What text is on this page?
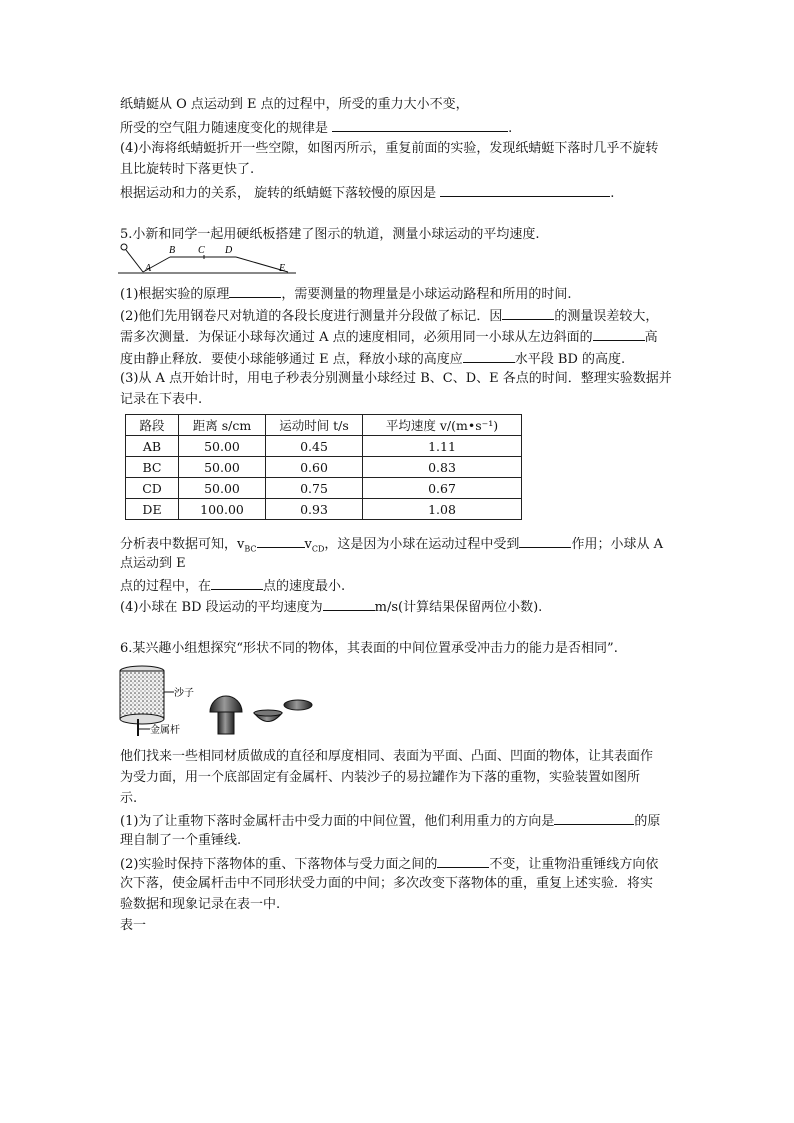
纸蜻蜓从 O 点运动到 E 点的过程中，所受的重力大小不变，
所受的空气阻力随速度变化的规律是	.
(4)小海将纸蜻蜓折开一些空隙，如图丙所示，重复前面的实验，发现纸蜻蜓下落时几乎不旋转
且比旋转时下落更快了.
根据运动和力的关系， 旋转的纸蜻蜓下落较慢的原因是	.
5.小新和同学一起用硬纸板搭建了图示的轨道，测量小球运动的平均速度.
A
B C D
E
(1)根据实验的原理	，需要测量的物理量是小球运动路程和所用的时间.
(2)他们先用钢卷尺对轨道的各段长度进行测量并分段做了标记．因	的测量误差较大，
需多次测量．为保证小球每次通过 A 点的速度相同，必须用同一小球从左边斜面的	高
度由静止释放．要使小球能够通过 E 点，释放小球的高度应	水平段 BD 的高度.
(3)从 A 点开始计时，用电子秒表分别测量小球经过 B、C、D、E 各点的时间．整理实验数据并
记录在下表中.
路段	距离 s/cm	运动时间 t/s	平均速度 v/(m•s⁻¹)
AB	50.00	0.45	1.11
BC	50.00	0.60	0.83
CD	50.00	0.75	0.67
DE	100.00	0.93	1.08
分析表中数据可知，$v_{BC}$	$v_{CD}$，这是因为小球在运动过程中受到	作用；小球从 A
点运动到 E
点的过程中，在	点的速度最小.
(4)小球在 BD 段运动的平均速度为	m/s(计算结果保留两位小数).
6.某兴趣小组想探究“形状不同的物体，其表面的中间位置承受冲击力的能力是否相同”.
沙子
金属杆
他们找来一些相同材质做成的直径和厚度相同、表面为平面、凸面、凹面的物体，让其表面作
为受力面，用一个底部固定有金属杆、内装沙子的易拉罐作为下落的重物，实验装置如图所
示.
(1)为了让重物下落时金属杆击中受力面的中间位置，他们利用重力的方向是	的原
理自制了一个重锤线.
(2)实验时保持下落物体的重、下落物体与受力面之间的	不变，让重物沿重锤线方向依
次下落，使金属杆击中不同形状受力面的中间；多次改变下落物体的重，重复上述实验．将实
验数据和现象记录在表一中.
表一
